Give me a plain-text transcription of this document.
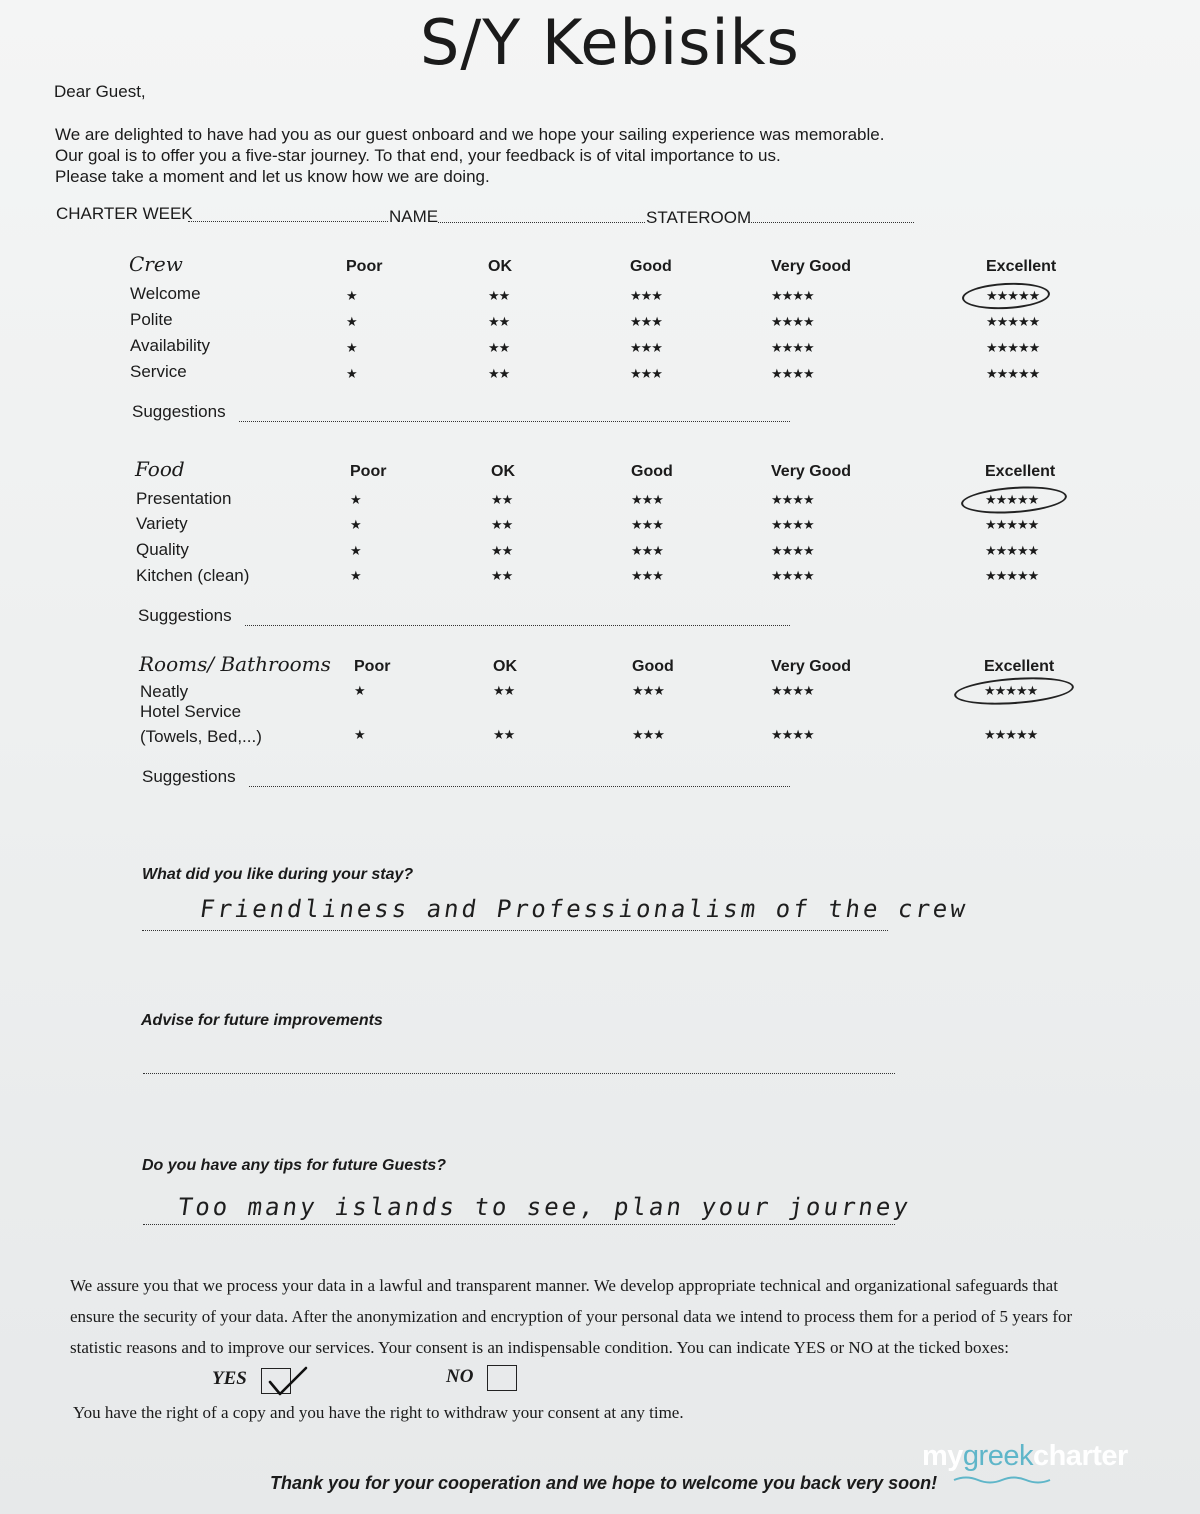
S/Y Kebisiks
Dear Guest,
We are delighted to have had you as our guest onboard and we hope your sailing experience was memorable.
Our goal is to offer you a five-star journey. To that end, your feedback is of vital importance to us.
Please take a moment and let us know how we are doing.
CHARTER WEEK	NAME	STATEROOM
Crew	Poor	OK	Good	Very Good	Excellent
Welcome	★	★★	★★★	★★★★	★★★★★
Polite	★	★★	★★★	★★★★	★★★★★
Availability	★	★★	★★★	★★★★	★★★★★
Service	★	★★	★★★	★★★★	★★★★★
Suggestions
Food	Poor	OK	Good	Very Good	Excellent
Presentation	★	★★	★★★	★★★★	★★★★★
Variety	★	★★	★★★	★★★★	★★★★★
Quality	★	★★	★★★	★★★★	★★★★★
Kitchen (clean)	★	★★	★★★	★★★★	★★★★★
Suggestions
Rooms/ Bathrooms Poor	OK	Good	Very Good	Excellent
Neatly	★	★★	★★★	★★★★	★★★★★
Hotel Service
(Towels, Bed,...)	★	★★	★★★	★★★★	★★★★★
Suggestions
What did you like during your stay?
Friendliness and Professionalism of the crew
Advise for future improvements
Do you have any tips for future Guests?
Too many islands to see, plan your journey
We assure you that we process your data in a lawful and transparent manner. We develop appropriate technical and organizational safeguards that
ensure the security of your data. After the anonymization and encryption of your personal data we intend to process them for a period of 5 years for
statistic reasons and to improve our services. Your consent is an indispensable condition. You can indicate YES or NO at the ticked boxes:
YES	NO
You have the right of a copy and you have the right to withdraw your consent at any time.
Thank you for your cooperation and we hope to welcome you back very soon!
mygreekcharter
